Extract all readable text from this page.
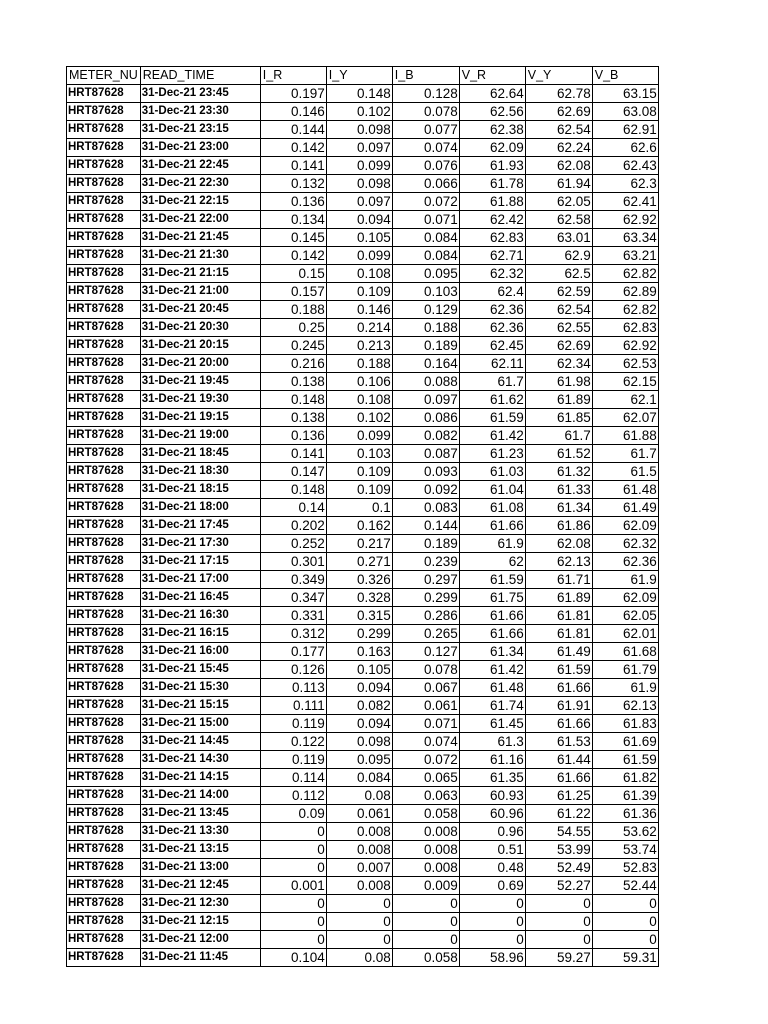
METER_NU	READ_TIME	I_R	I_Y	I_B	V_R	V_Y	V_B
HRT87628	31-Dec-21 23:45	0.197	0.148	0.128	62.64	62.78	63.15
HRT87628	31-Dec-21 23:30	0.146	0.102	0.078	62.56	62.69	63.08
HRT87628	31-Dec-21 23:15	0.144	0.098	0.077	62.38	62.54	62.91
HRT87628	31-Dec-21 23:00	0.142	0.097	0.074	62.09	62.24	62.6
HRT87628	31-Dec-21 22:45	0.141	0.099	0.076	61.93	62.08	62.43
HRT87628	31-Dec-21 22:30	0.132	0.098	0.066	61.78	61.94	62.3
HRT87628	31-Dec-21 22:15	0.136	0.097	0.072	61.88	62.05	62.41
HRT87628	31-Dec-21 22:00	0.134	0.094	0.071	62.42	62.58	62.92
HRT87628	31-Dec-21 21:45	0.145	0.105	0.084	62.83	63.01	63.34
HRT87628	31-Dec-21 21:30	0.142	0.099	0.084	62.71	62.9	63.21
HRT87628	31-Dec-21 21:15	0.15	0.108	0.095	62.32	62.5	62.82
HRT87628	31-Dec-21 21:00	0.157	0.109	0.103	62.4	62.59	62.89
HRT87628	31-Dec-21 20:45	0.188	0.146	0.129	62.36	62.54	62.82
HRT87628	31-Dec-21 20:30	0.25	0.214	0.188	62.36	62.55	62.83
HRT87628	31-Dec-21 20:15	0.245	0.213	0.189	62.45	62.69	62.92
HRT87628	31-Dec-21 20:00	0.216	0.188	0.164	62.11	62.34	62.53
HRT87628	31-Dec-21 19:45	0.138	0.106	0.088	61.7	61.98	62.15
HRT87628	31-Dec-21 19:30	0.148	0.108	0.097	61.62	61.89	62.1
HRT87628	31-Dec-21 19:15	0.138	0.102	0.086	61.59	61.85	62.07
HRT87628	31-Dec-21 19:00	0.136	0.099	0.082	61.42	61.7	61.88
HRT87628	31-Dec-21 18:45	0.141	0.103	0.087	61.23	61.52	61.7
HRT87628	31-Dec-21 18:30	0.147	0.109	0.093	61.03	61.32	61.5
HRT87628	31-Dec-21 18:15	0.148	0.109	0.092	61.04	61.33	61.48
HRT87628	31-Dec-21 18:00	0.14	0.1	0.083	61.08	61.34	61.49
HRT87628	31-Dec-21 17:45	0.202	0.162	0.144	61.66	61.86	62.09
HRT87628	31-Dec-21 17:30	0.252	0.217	0.189	61.9	62.08	62.32
HRT87628	31-Dec-21 17:15	0.301	0.271	0.239	62	62.13	62.36
HRT87628	31-Dec-21 17:00	0.349	0.326	0.297	61.59	61.71	61.9
HRT87628	31-Dec-21 16:45	0.347	0.328	0.299	61.75	61.89	62.09
HRT87628	31-Dec-21 16:30	0.331	0.315	0.286	61.66	61.81	62.05
HRT87628	31-Dec-21 16:15	0.312	0.299	0.265	61.66	61.81	62.01
HRT87628	31-Dec-21 16:00	0.177	0.163	0.127	61.34	61.49	61.68
HRT87628	31-Dec-21 15:45	0.126	0.105	0.078	61.42	61.59	61.79
HRT87628	31-Dec-21 15:30	0.113	0.094	0.067	61.48	61.66	61.9
HRT87628	31-Dec-21 15:15	0.111	0.082	0.061	61.74	61.91	62.13
HRT87628	31-Dec-21 15:00	0.119	0.094	0.071	61.45	61.66	61.83
HRT87628	31-Dec-21 14:45	0.122	0.098	0.074	61.3	61.53	61.69
HRT87628	31-Dec-21 14:30	0.119	0.095	0.072	61.16	61.44	61.59
HRT87628	31-Dec-21 14:15	0.114	0.084	0.065	61.35	61.66	61.82
HRT87628	31-Dec-21 14:00	0.112	0.08	0.063	60.93	61.25	61.39
HRT87628	31-Dec-21 13:45	0.09	0.061	0.058	60.96	61.22	61.36
HRT87628	31-Dec-21 13:30	0	0.008	0.008	0.96	54.55	53.62
HRT87628	31-Dec-21 13:15	0	0.008	0.008	0.51	53.99	53.74
HRT87628	31-Dec-21 13:00	0	0.007	0.008	0.48	52.49	52.83
HRT87628	31-Dec-21 12:45	0.001	0.008	0.009	0.69	52.27	52.44
HRT87628	31-Dec-21 12:30	0	0	0	0	0	0
HRT87628	31-Dec-21 12:15	0	0	0	0	0	0
HRT87628	31-Dec-21 12:00	0	0	0	0	0	0
HRT87628	31-Dec-21 11:45	0.104	0.08	0.058	58.96	59.27	59.31
